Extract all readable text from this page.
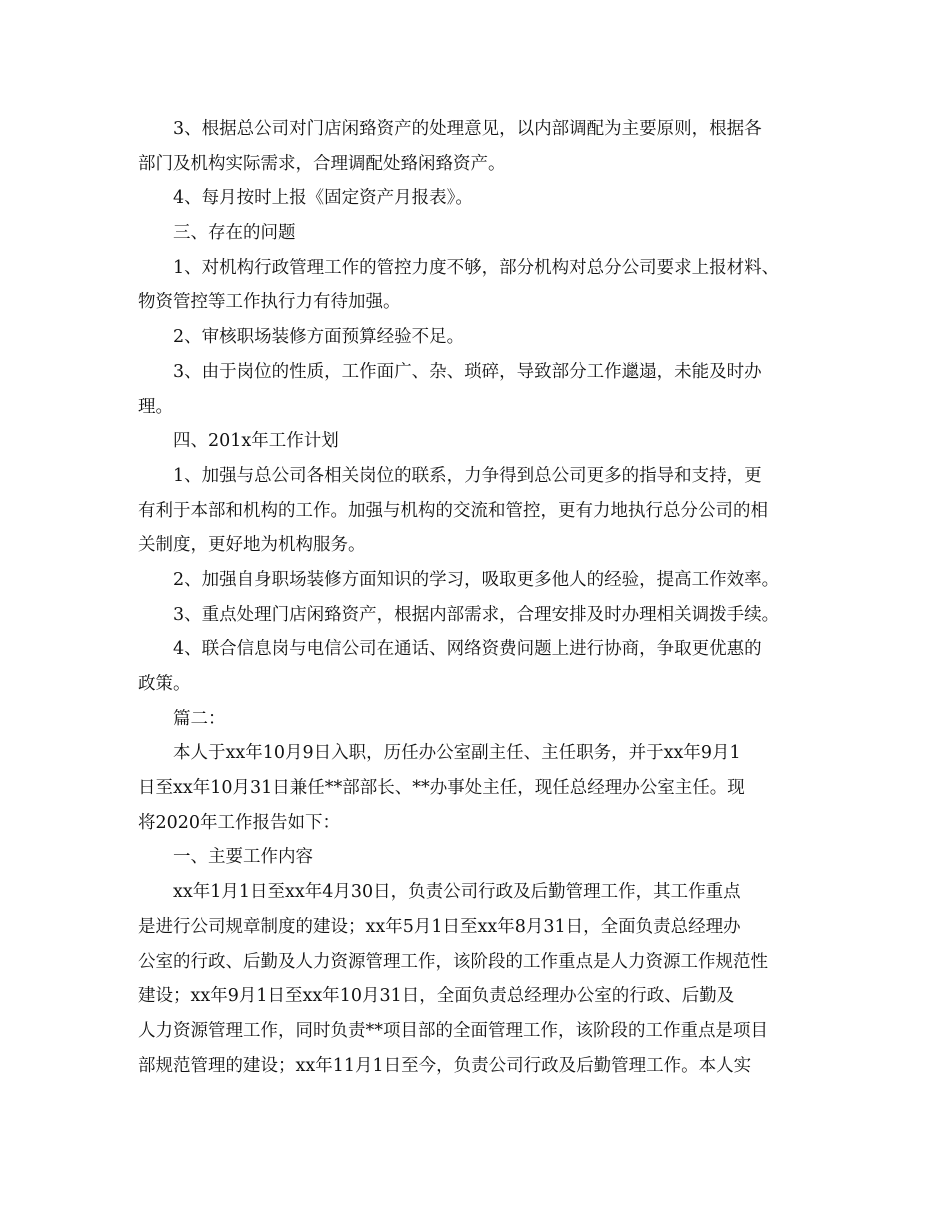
3、根据总公司对门店闲臵资产的处理意见，以内部调配为主要原则，根据各
部门及机构实际需求，合理调配处臵闲臵资产。
4、每月按时上报《固定资产月报表》。
三、存在的问题
1、对机构行政管理工作的管控力度不够，部分机构对总分公司要求上报材料、
物资管控等工作执行力有待加强。
2、审核职场装修方面预算经验不足。
3、由于岗位的性质，工作面广、杂、琐碎，导致部分工作邋遢，未能及时办
理。
四、201x年工作计划
1、加强与总公司各相关岗位的联系，力争得到总公司更多的指导和支持，更
有利于本部和机构的工作。加强与机构的交流和管控，更有力地执行总分公司的相
关制度，更好地为机构服务。
2、加强自身职场装修方面知识的学习，吸取更多他人的经验，提高工作效率。
3、重点处理门店闲臵资产，根据内部需求，合理安排及时办理相关调拨手续。
4、联合信息岗与电信公司在通话、网络资费问题上进行协商，争取更优惠的
政策。
篇二：
本人于xx年10月9日入职，历任办公室副主任、主任职务，并于xx年9月1
日至xx年10月31日兼任**部部长、**办事处主任，现任总经理办公室主任。现
将2020年工作报告如下：
一、主要工作内容
xx年1月1日至xx年4月30日，负责公司行政及后勤管理工作，其工作重点
是进行公司规章制度的建设；xx年5月1日至xx年8月31日，全面负责总经理办
公室的行政、后勤及人力资源管理工作，该阶段的工作重点是人力资源工作规范性
建设；xx年9月1日至xx年10月31日，全面负责总经理办公室的行政、后勤及
人力资源管理工作，同时负责**项目部的全面管理工作，该阶段的工作重点是项目
部规范管理的建设；xx年11月1日至今，负责公司行政及后勤管理工作。本人实
